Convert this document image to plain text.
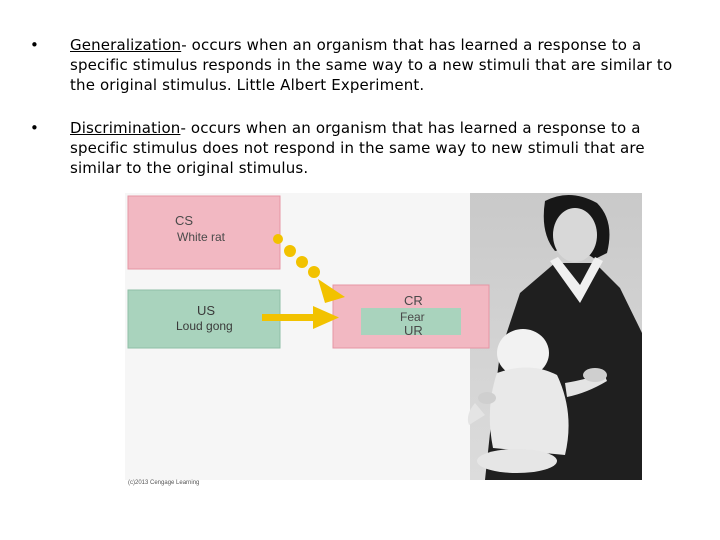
• Generalization- occurs when an organism that has learned a response to a specific stimulus responds in the same way to a new stimuli that are similar to the original stimulus. Little Albert Experiment.
• Discrimination- occurs when an organism that has learned a response to a specific stimulus does not respond in the same way to new stimuli that are similar to the original stimulus.
CS
White rat
US
Loud gong
CR
Fear
UR
(c)2013 Cengage Learning
